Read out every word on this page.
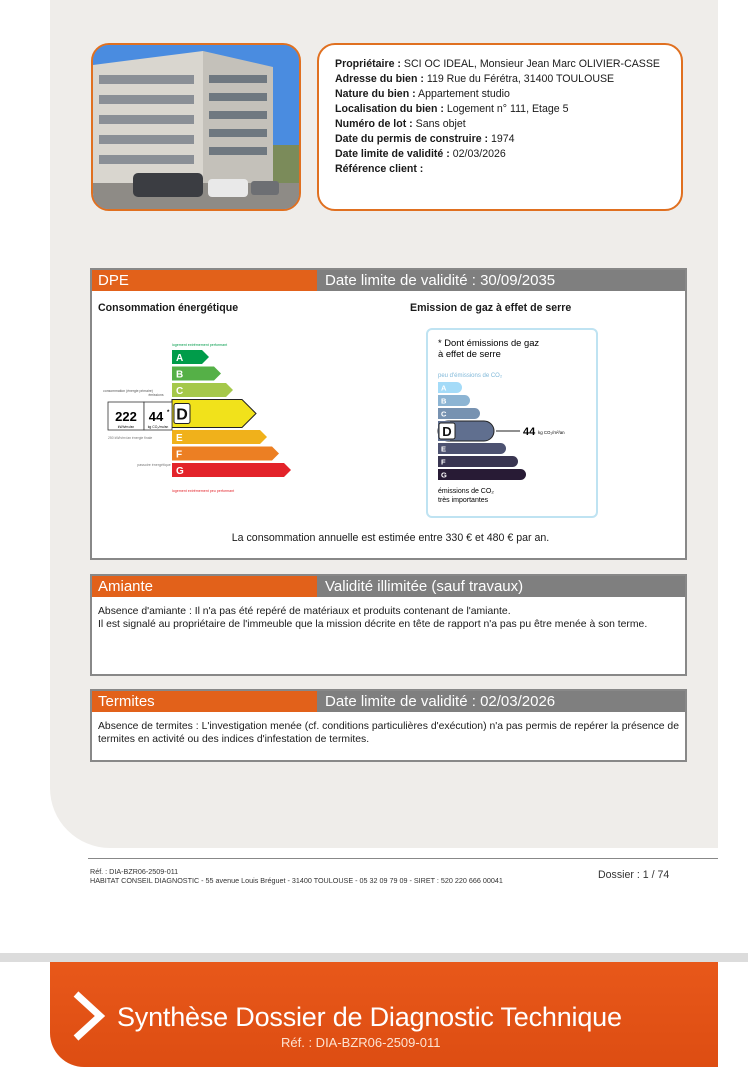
Propriétaire : SCI OC IDEAL, Monsieur Jean Marc OLIVIER-CASSE
Adresse du bien : 119 Rue du Férétra, 31400 TOULOUSE
Nature du bien : Appartement studio
Localisation du bien : Logement n° 111, Etage 5
Numéro de lot : Sans objet
Date du permis de construire : 1974
Date limite de validité : 02/03/2026
Référence client :
DPE	Date limite de validité : 30/09/2035
Consommation énergétique	Emission de gaz à effet de serre
logement extrêmement performant
A
B
C
D
E
F
G
logement extrêmement peu performant
consommation (énergie primaire)
émissions
222 44 *
kWh/m²/an	kg CO₂/m²/an
250 kWh/m²/an énergie finale
passoire énergétique
* Dont émissions de gaz
à effet de serre
peu d'émissions de CO₂
A
B
C
44 kg CO₂/m²/an
D
E
F
G
émissions de CO₂
très importantes
La consommation annuelle est estimée entre 330 € et 480 € par an.
Amiante	Validité illimitée (sauf travaux)
Absence d'amiante : Il n'a pas été repéré de matériaux et produits contenant de l'amiante.
Il est signalé au propriétaire de l'immeuble que la mission décrite en tête de rapport n'a pas pu être menée à son terme.
Termites	Date limite de validité : 02/03/2026
Absence de termites : L'investigation menée (cf. conditions particulières d'exécution) n'a pas permis de repérer la présence de termites en activité ou des indices d'infestation de termites.
Réf. : DIA-BZR06-2509-011
HABITAT CONSEIL DIAGNOSTIC - 55 avenue Louis Bréguet - 31400 TOULOUSE - 05 32 09 79 09 - SIRET : 520 220 666 00041	Dossier : 1 / 74
Synthèse Dossier de Diagnostic Technique
Réf. : DIA-BZR06-2509-011
